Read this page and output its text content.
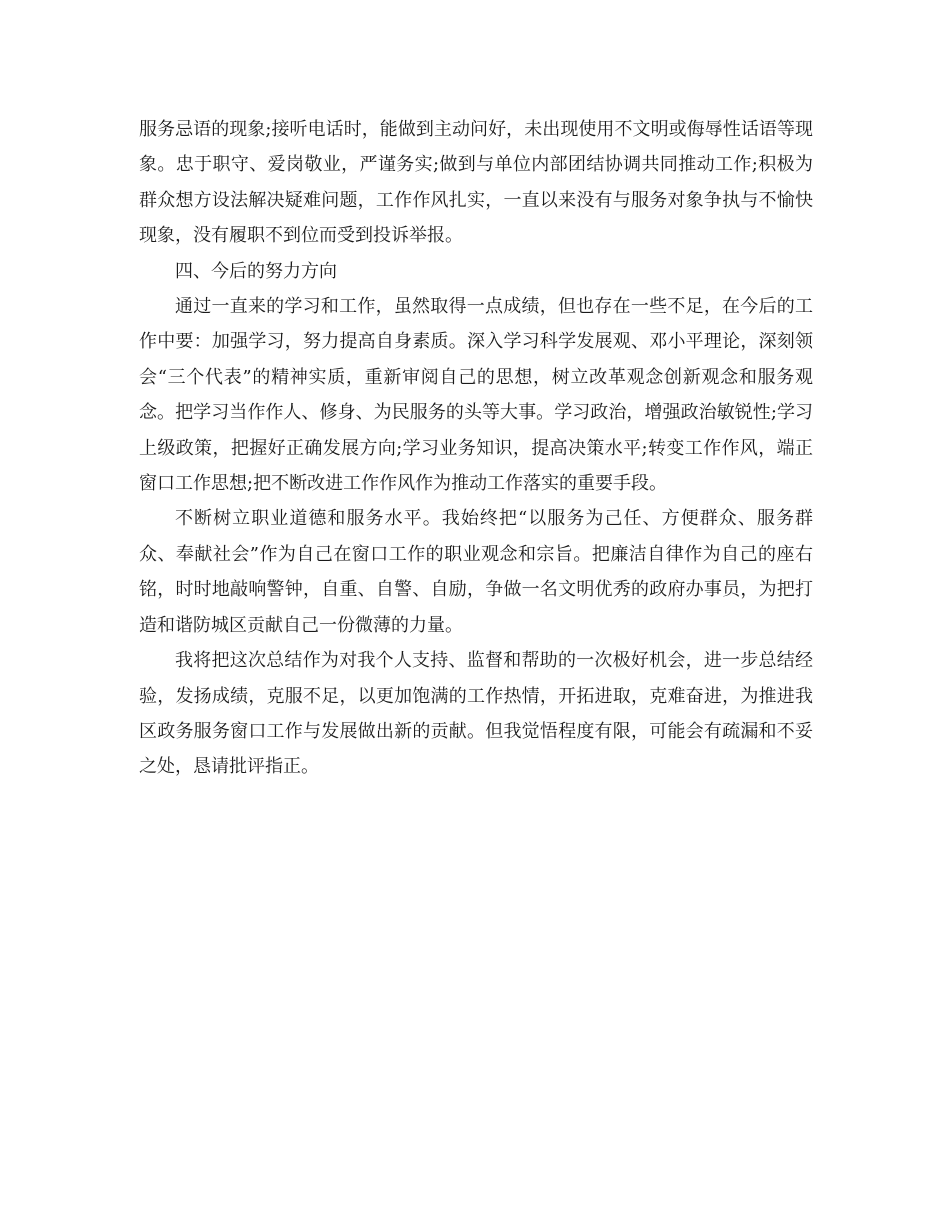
服务忌语的现象;接听电话时，能做到主动问好，未出现使用不文明或侮辱性话语等现象。忠于职守、爱岗敬业，严谨务实;做到与单位内部团结协调共同推动工作;积极为群众想方设法解决疑难问题，工作作风扎实，一直以来没有与服务对象争执与不愉快现象，没有履职不到位而受到投诉举报。

四、今后的努力方向

通过一直来的学习和工作，虽然取得一点成绩，但也存在一些不足，在今后的工作中要：加强学习，努力提高自身素质。深入学习科学发展观、邓小平理论，深刻领会“三个代表”的精神实质，重新审阅自己的思想，树立改革观念创新观念和服务观念。把学习当作作人、修身、为民服务的头等大事。学习政治，增强政治敏锐性;学习上级政策，把握好正确发展方向;学习业务知识，提高决策水平;转变工作作风，端正窗口工作思想;把不断改进工作作风作为推动工作落实的重要手段。

不断树立职业道德和服务水平。我始终把“以服务为己任、方便群众、服务群众、奉献社会”作为自己在窗口工作的职业观念和宗旨。把廉洁自律作为自己的座右铭，时时地敲响警钟，自重、自警、自励，争做一名文明优秀的政府办事员，为把打造和谐防城区贡献自己一份微薄的力量。

我将把这次总结作为对我个人支持、监督和帮助的一次极好机会，进一步总结经验，发扬成绩，克服不足，以更加饱满的工作热情，开拓进取，克难奋进，为推进我区政务服务窗口工作与发展做出新的贡献。但我觉悟程度有限，可能会有疏漏和不妥之处，恳请批评指正。
